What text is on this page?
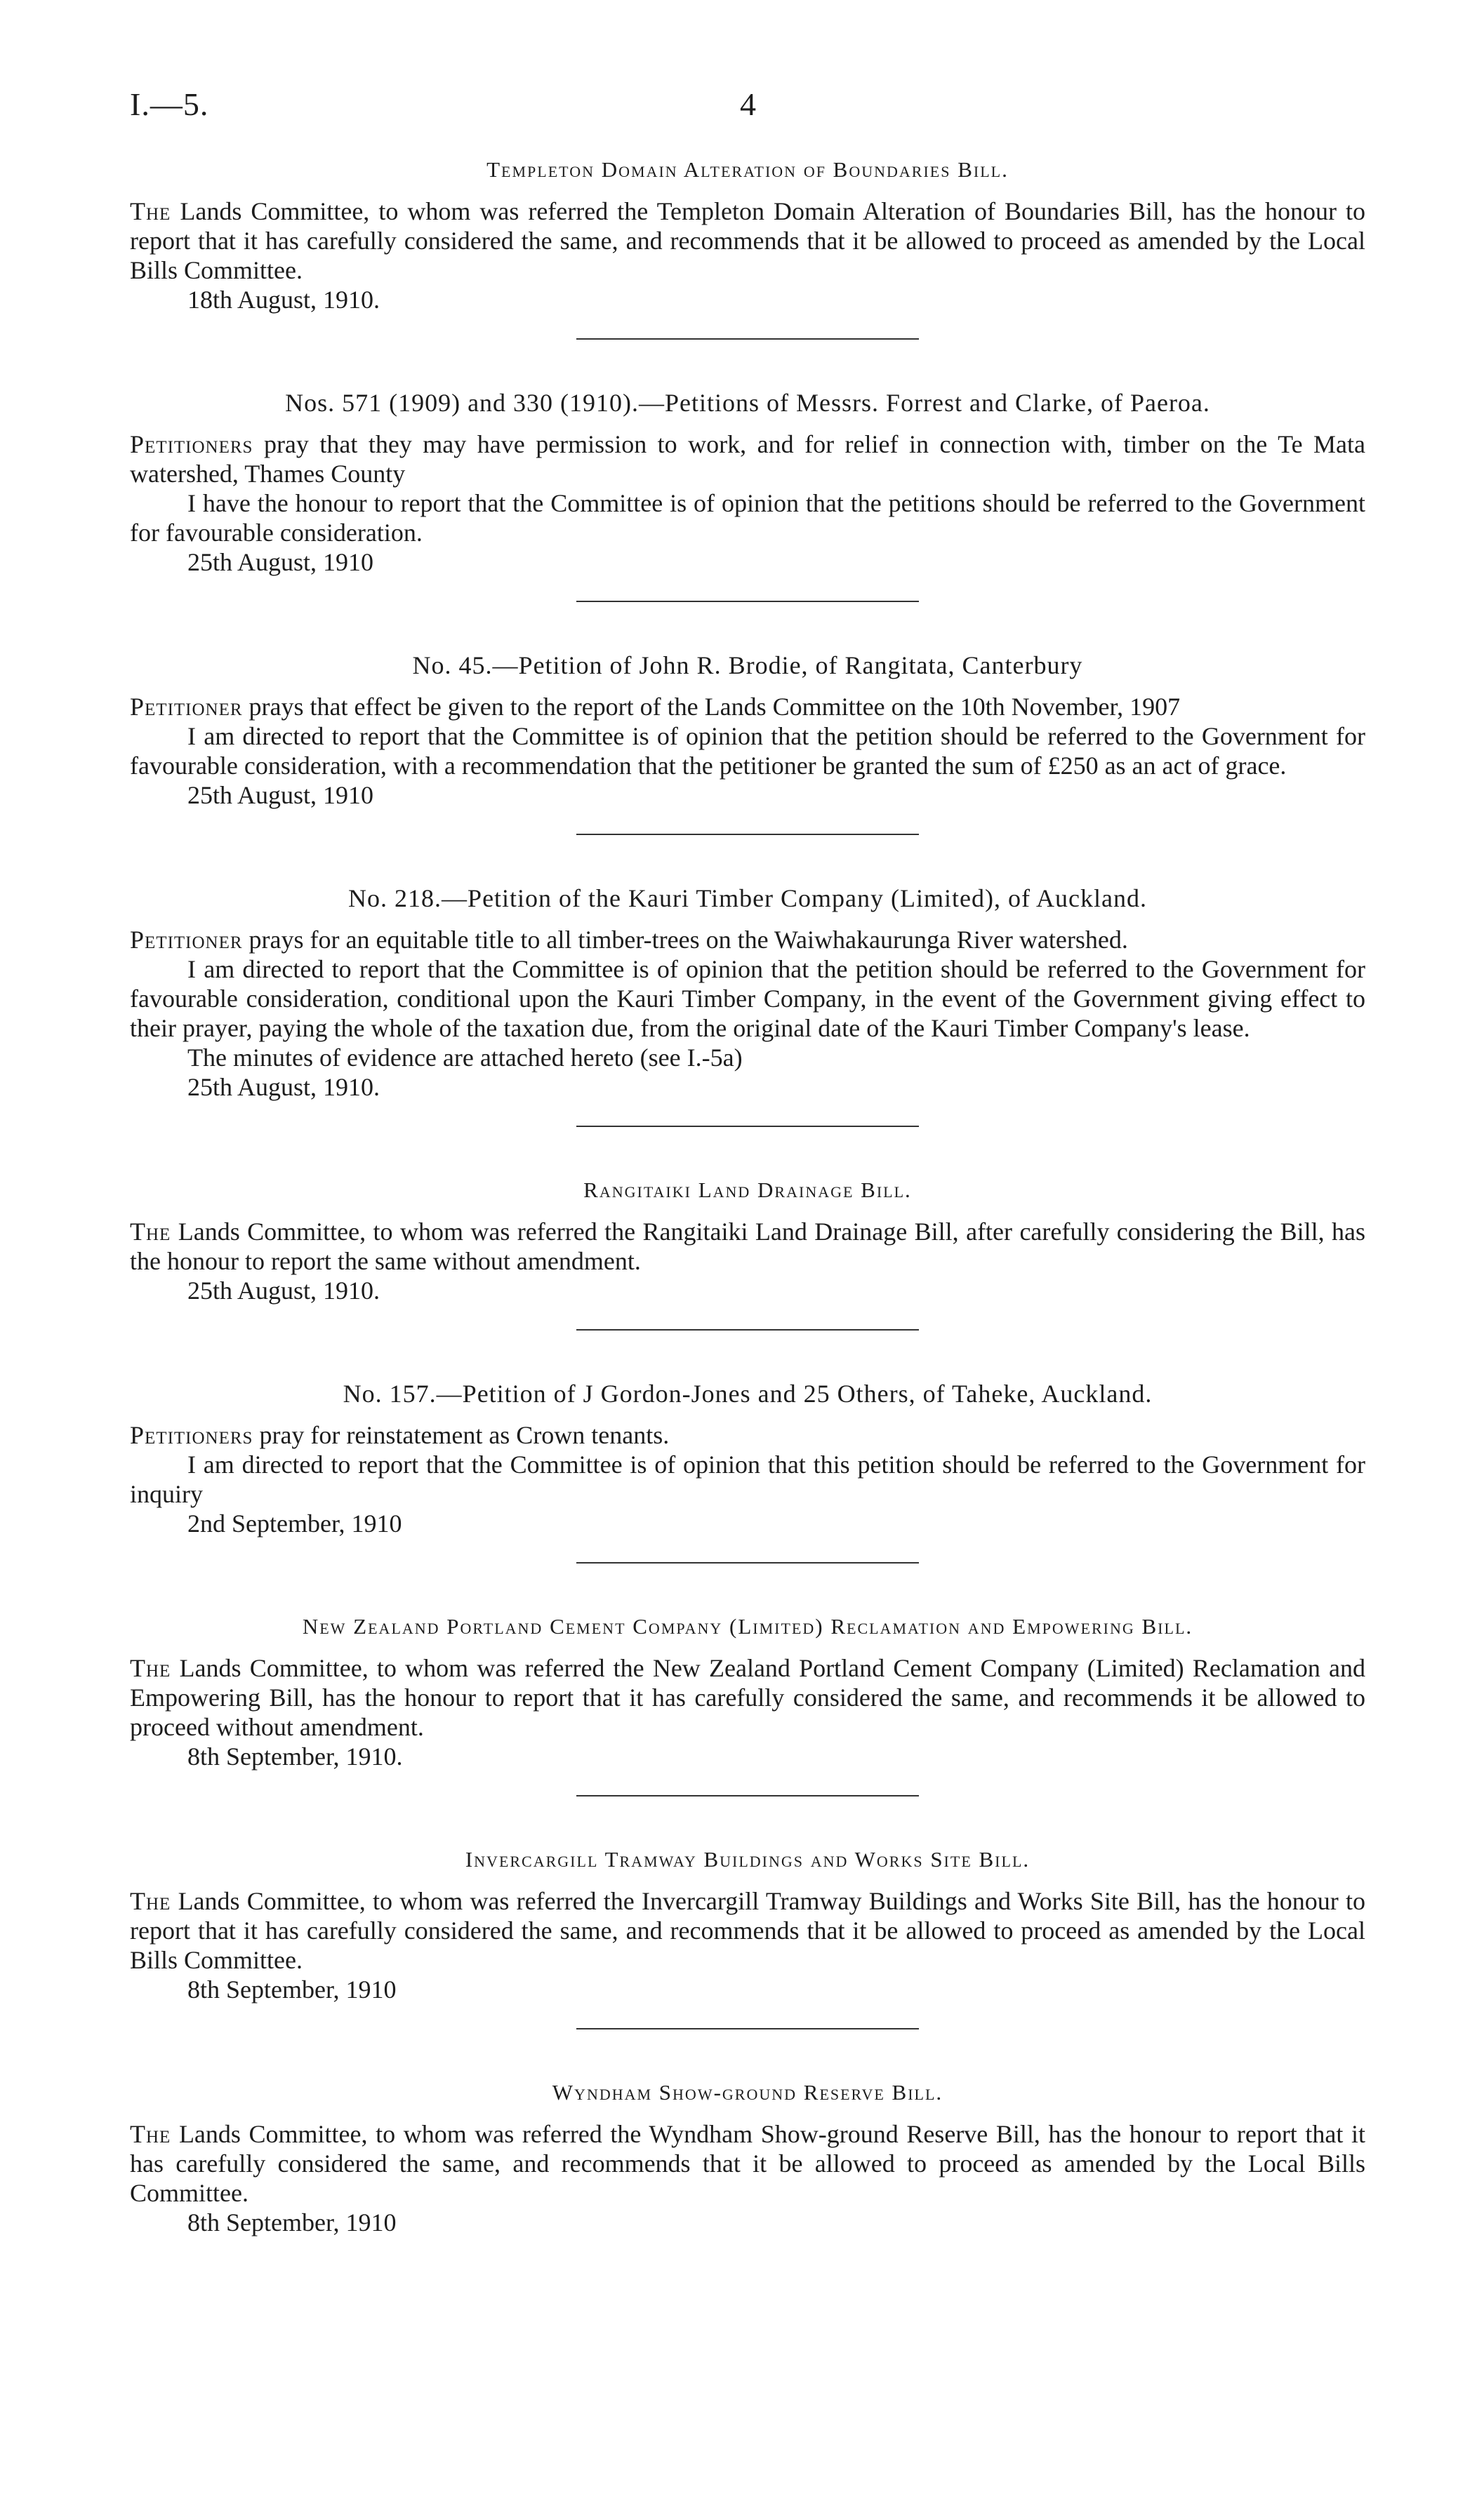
I.—5.	4
Templeton Domain Alteration of Boundaries Bill.

The Lands Committee, to whom was referred the Templeton Domain Alteration of Boundaries Bill, has the honour to report that it has carefully considered the same, and recommends that it be allowed to proceed as amended by the Local Bills Committee.

18th August, 1910.

Nos. 571 (1909) and 330 (1910).—Petitions of Messrs. Forrest and Clarke, of Paeroa.

Petitioners pray that they may have permission to work, and for relief in connection with, timber on the Te Mata watershed, Thames County

I have the honour to report that the Committee is of opinion that the petitions should be referred to the Government for favourable consideration.

25th August, 1910

No. 45.—Petition of John R. Brodie, of Rangitata, Canterbury

Petitioner prays that effect be given to the report of the Lands Committee on the 10th November, 1907

I am directed to report that the Committee is of opinion that the petition should be referred to the Government for favourable consideration, with a recommendation that the petitioner be granted the sum of £250 as an act of grace.

25th August, 1910

No. 218.—Petition of the Kauri Timber Company (Limited), of Auckland.

Petitioner prays for an equitable title to all timber-trees on the Waiwhakaurunga River watershed.

I am directed to report that the Committee is of opinion that the petition should be referred to the Government for favourable consideration, conditional upon the Kauri Timber Company, in the event of the Government giving effect to their prayer, paying the whole of the taxation due, from the original date of the Kauri Timber Company's lease.

The minutes of evidence are attached hereto (see I.-5a)

25th August, 1910.

Rangitaiki Land Drainage Bill.

The Lands Committee, to whom was referred the Rangitaiki Land Drainage Bill, after carefully considering the Bill, has the honour to report the same without amendment.

25th August, 1910.

No. 157.—Petition of J Gordon-Jones and 25 Others, of Taheke, Auckland.

Petitioners pray for reinstatement as Crown tenants.

I am directed to report that the Committee is of opinion that this petition should be referred to the Government for inquiry

2nd September, 1910

New Zealand Portland Cement Company (Limited) Reclamation and Empowering Bill.

The Lands Committee, to whom was referred the New Zealand Portland Cement Company (Limited) Reclamation and Empowering Bill, has the honour to report that it has carefully considered the same, and recommends it be allowed to proceed without amendment.

8th September, 1910.

Invercargill Tramway Buildings and Works Site Bill.

The Lands Committee, to whom was referred the Invercargill Tramway Buildings and Works Site Bill, has the honour to report that it has carefully considered the same, and recommends that it be allowed to proceed as amended by the Local Bills Committee.

8th September, 1910

Wyndham Show-ground Reserve Bill.

The Lands Committee, to whom was referred the Wyndham Show-ground Reserve Bill, has the honour to report that it has carefully considered the same, and recommends that it be allowed to proceed as amended by the Local Bills Committee.

8th September, 1910
